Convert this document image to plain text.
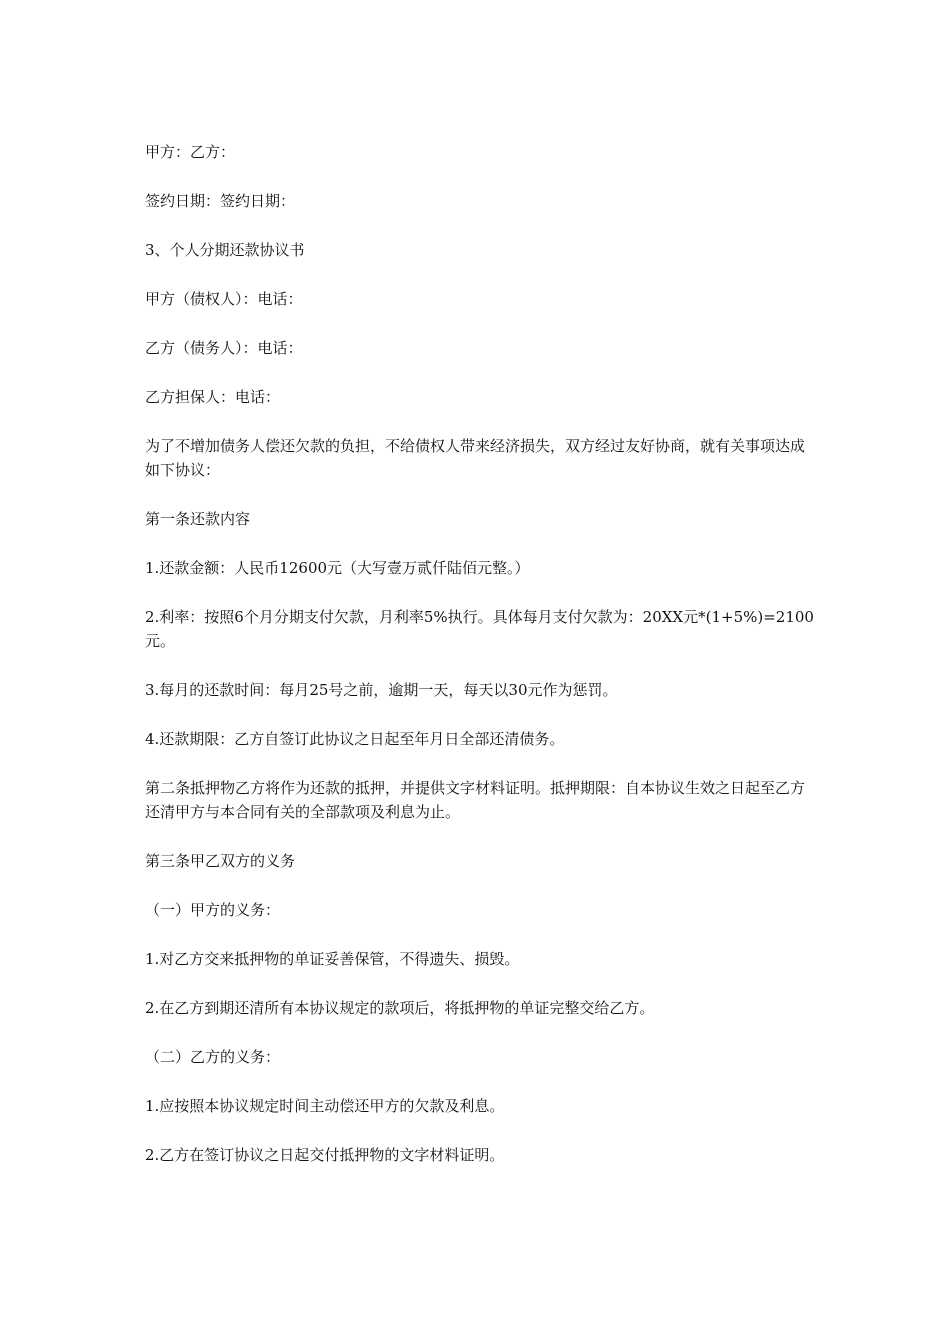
甲方：乙方：

签约日期：签约日期：

3、个人分期还款协议书

甲方（债权人）：电话：

乙方（债务人）：电话：

乙方担保人：电话：

为了不增加债务人偿还欠款的负担，不给债权人带来经济损失，双方经过友好协商，就有关事项达成如下协议：

第一条还款内容

1.还款金额：人民币12600元（大写壹万贰仟陆佰元整。）

2.利率：按照6个月分期支付欠款，月利率5%执行。具体每月支付欠款为：20XX元*(1+5%)=2100元。

3.每月的还款时间：每月25号之前，逾期一天，每天以30元作为惩罚。

4.还款期限：乙方自签订此协议之日起至年月日全部还清债务。

第二条抵押物乙方将作为还款的抵押，并提供文字材料证明。抵押期限：自本协议生效之日起至乙方还清甲方与本合同有关的全部款项及利息为止。

第三条甲乙双方的义务

（一）甲方的义务：

1.对乙方交来抵押物的单证妥善保管，不得遗失、损毁。

2.在乙方到期还清所有本协议规定的款项后，将抵押物的单证完整交给乙方。

（二）乙方的义务：

1.应按照本协议规定时间主动偿还甲方的欠款及利息。

2.乙方在签订协议之日起交付抵押物的文字材料证明。
